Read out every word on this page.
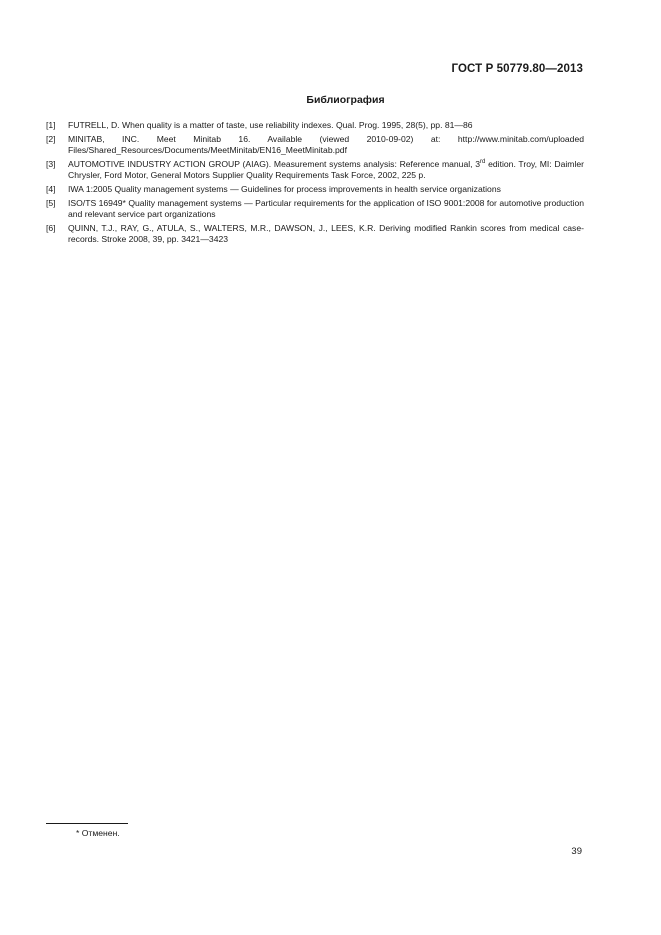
ГОСТ Р 50779.80—2013
Библиография
[1]	FUTRELL, D. When quality is a matter of taste, use reliability indexes. Qual. Prog. 1995, 28(5), pp. 81—86
[2]	MINITAB, INC. Meet Minitab 16. Available (viewed 2010-09-02) at: http://www.minitab.com/uploaded Files/Shared_Resources/Documents/MeetMinitab/EN16_MeetMinitab.pdf
[3]	AUTOMOTIVE INDUSTRY ACTION GROUP (AIAG). Measurement systems analysis: Reference manual, 3rd edition. Troy, MI: Daimler Chrysler, Ford Motor, General Motors Supplier Quality Requirements Task Force, 2002, 225 p.
[4]	IWA 1:2005 Quality management systems — Guidelines for process improvements in health service organizations
[5]	ISO/TS 16949* Quality management systems — Particular requirements for the application of ISO 9001:2008 for automotive production and relevant service part organizations
[6]	QUINN, T.J., RAY, G., ATULA, S., WALTERS, M.R., DAWSON, J., LEES, K.R. Deriving modified Rankin scores from medical case-records. Stroke 2008, 39, pp. 3421—3423
* Отменен.
39
